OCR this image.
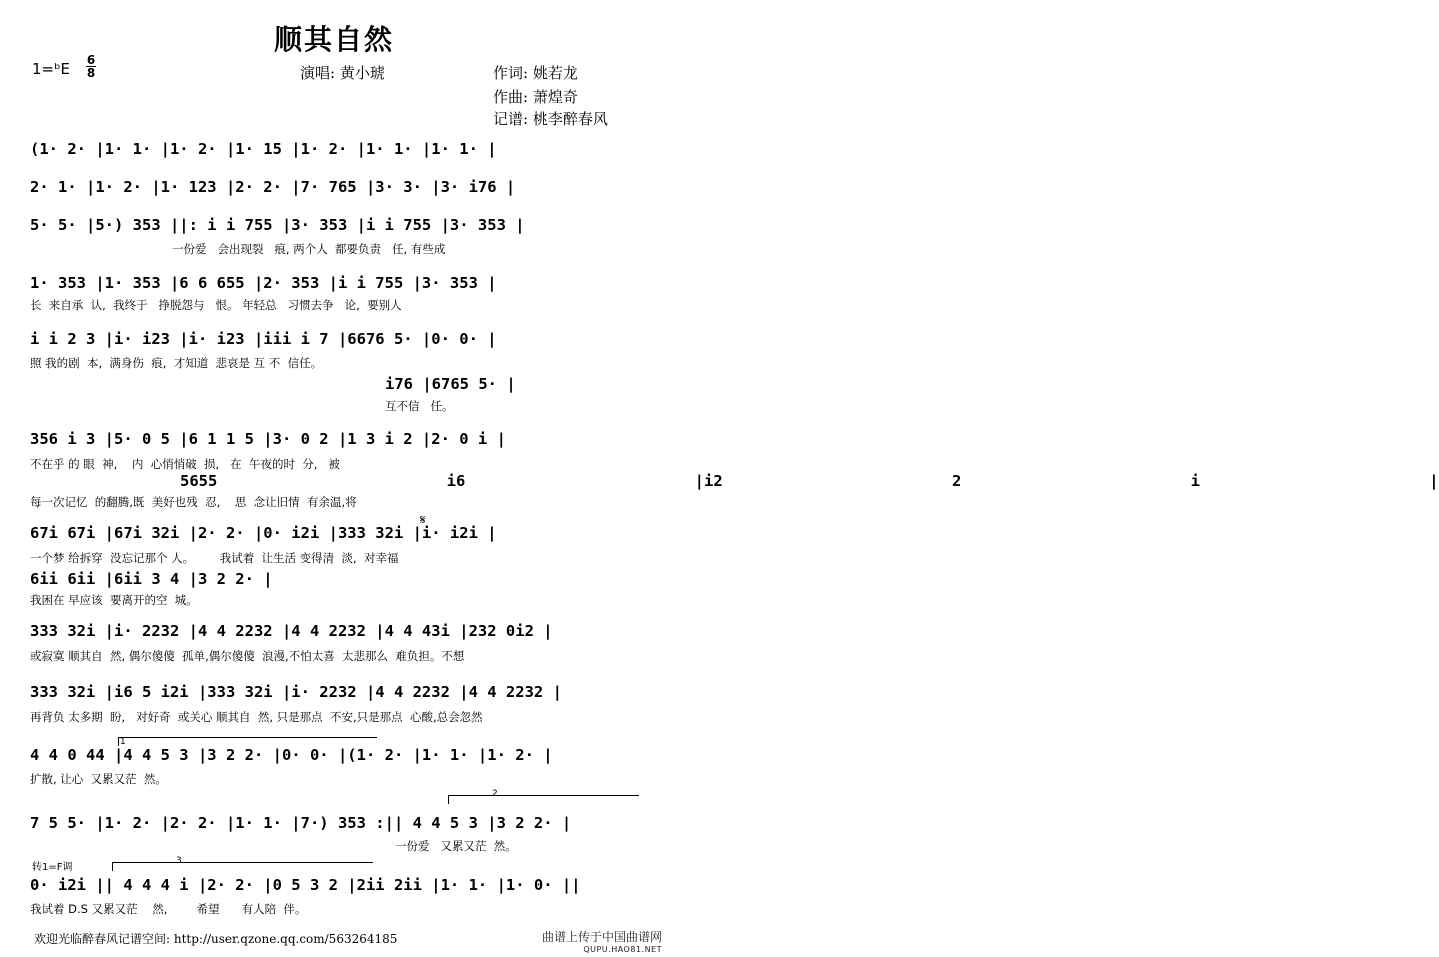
顺其自然
1=ᵇE 6
8	演唱: 黄小琥	作词: 姚若龙
作曲: 萧煌奇
记谱: 桃李醉春风
(1· 2· |1· 1· |1· 2· |1· 15 |1· 2· |1· 1· |1· 1· |
2· 1· |1· 2· |1· 123 |2· 2· |7· 765 |3· 3· |3· i76 |
5· 5· |5·) 353 ||: i i 755 |3· 353 |i i 755 |3· 353 |
一份爱   会出现裂   痕, 两个人  都要负责   任, 有些成
1· 353 |1· 353 |6 6 655 |2· 353 |i i 755 |3· 353 |
长  来自承  认,  我终于   挣脱怨与   恨。 年轻总   习惯去争   论,  要别人
i i 2 3 |i· i23 |i· i23 |iii i 7 |6676 5· |0· 0· |
照 我的剧  本,  满身伤  痕,  才知道  悲哀是 互 不  信任。
i76 |6765 5· |
互不信   任。
356 i 3 |5· 0 5 |6 1 1 5 |3· 0 2 |1 3 i 2 |2· 0 i |
不在乎 的 眼  神,    内  心悄悄破  损,   在  午夜的时  分,   被
5655 i6 |i2 2 i |
每一次记忆  的翻腾,既  美好也残  忍,    思  念让旧情  有余温,将
67i 67i |67i 32i |2· 2· |0· i2i |333 32i |i· i2i |
𝄋
一个梦 给拆穿  没忘记那个 人。       我试着  让生活 变得清  淡,  对幸福
6ii 6ii |6ii 3 4 |3 2 2· |
我困在 早应该  要离开的空  城。
333 32i |i· 2232 |4 4 2232 |4 4 2232 |4 4 43i |232 0i2 |
或寂寞 顺其自  然, 偶尔傻傻  孤单,偶尔傻傻  浪漫,不怕太喜  太悲那么  难负担。不想
333 32i |i6 5 i2i |333 32i |i· 2232 |4 4 2232 |4 4 2232 |
再背负 太多期  盼,   对好奇  或关心 顺其自  然, 只是那点  不安,只是那点  心酸,总会忽然
1
4 4 0 44 |4 4 5 3 |3 2 2· |0· 0· |(1· 2· |1· 1· |1· 2· |
扩散, 让心  又累又茫  然。
2
7 5 5· |1· 2· |2· 2· |1· 1· |7·) 353 :|| 4 4 5 3 |3 2 2· |
一份爱   又累又茫  然。
转1=F调
3
0· i2i || 4 4 4 i |2· 2· |0 5 3 2 |2ii 2ii |1· 1· |1· 0· ||
我试着 D.S 又累又茫    然,        希望      有人陪  伴。
欢迎光临醉春风记谱空间: http://user.qzone.qq.com/563264185	曲谱上传于中国曲谱网
QUPU.HAO81.NET
